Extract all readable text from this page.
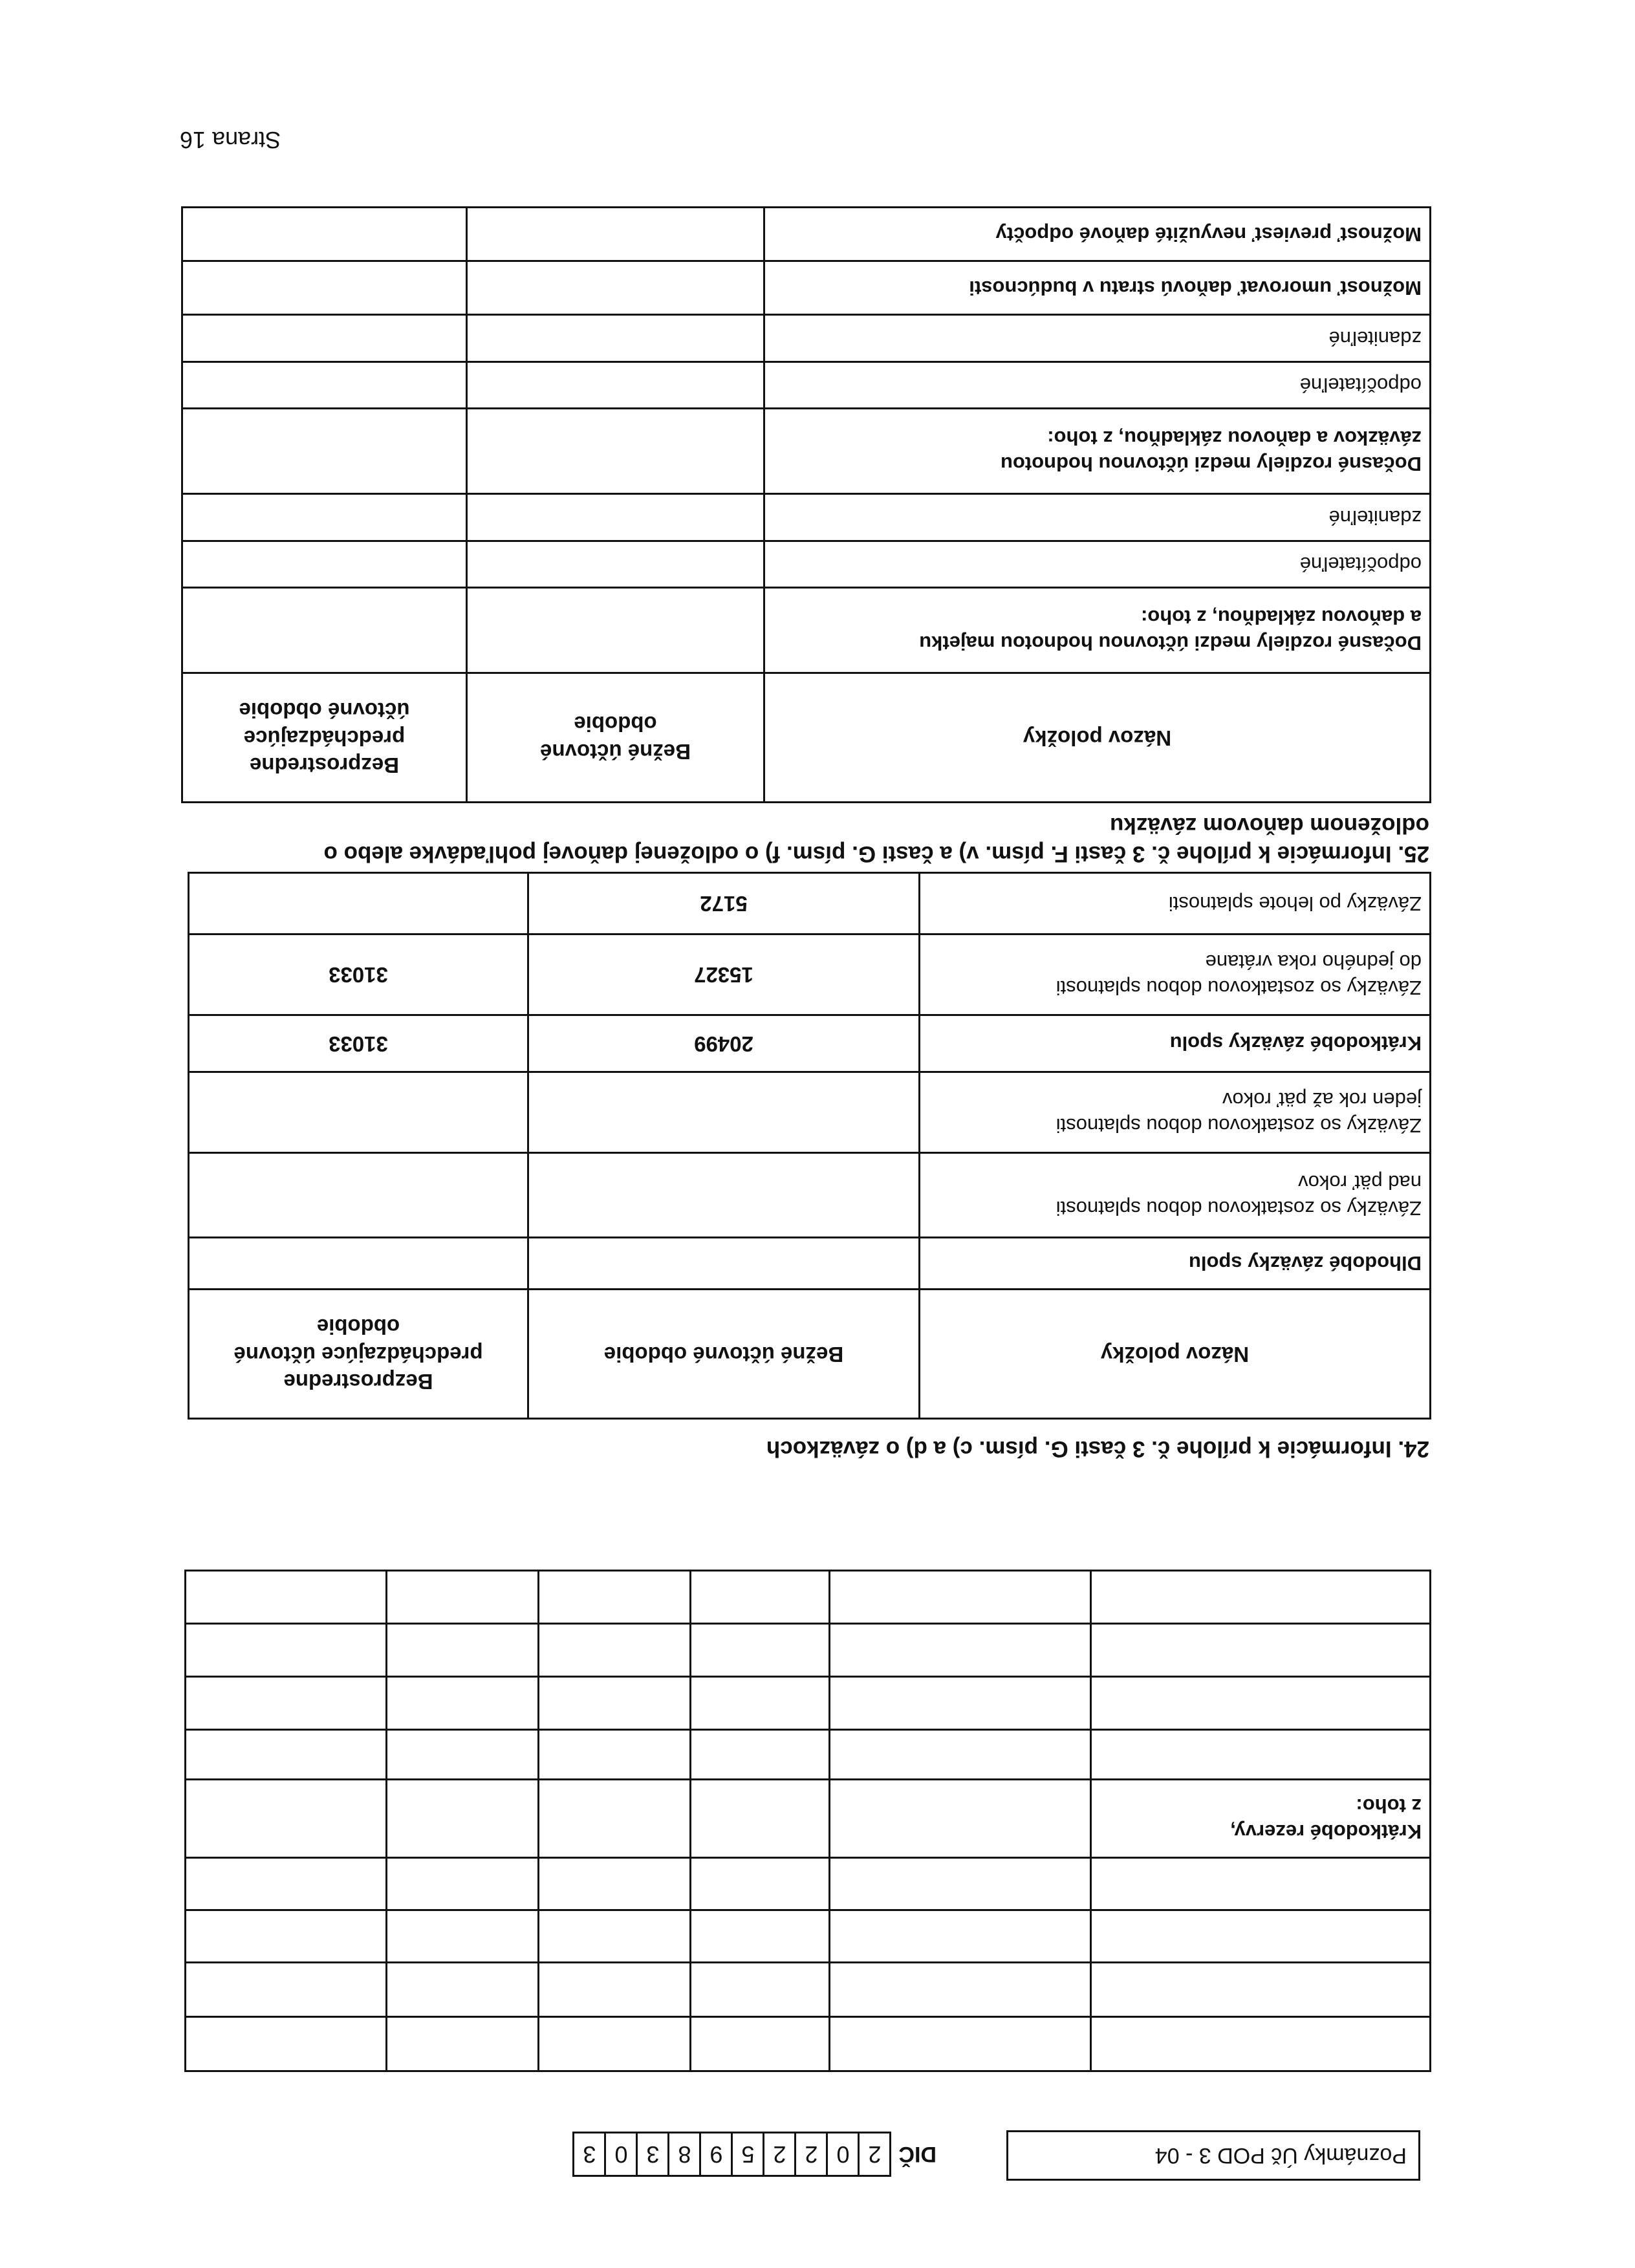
Poznámky Úč POD 3 - 04
DIČ
2
0
2
2
5
9
8
3
0
3

Krátkodobé rezervy,
z toho:					

24. Informácie k prílohe č. 3 časti G. písm. c) a d) o záväzkoch
Názov položky	Bežné účtovné obdobie	Bezprostredne
predchádzajúce účtovné
obdobie
Dlhodobé záväzky spolu		
Záväzky so zostatkovou dobou splatnosti
nad päť rokov		
Záväzky so zostatkovou dobou splatnosti
jeden rok až päť rokov		
Krátkodobé záväzky spolu	20499	31033
Záväzky so zostatkovou dobou splatnosti
do jedného roka vrátane	15327	31033
Záväzky po lehote splatnosti	5172	
25. Informácie k prílohe č. 3 časti F. písm. v) a časti G. písm. f) o odloženej daňovej pohľadávke alebo o
odloženom daňovom záväzku
Názov položky	Bežné účtovné
obdobie	Bezprostredne
predchádzajúce
účtovné obdobie
Dočasné rozdiely medzi účtovnou hodnotou majetku
a daňovou základňou, z toho:		
odpočítateľné		
zdaniteľné		
Dočasné rozdiely medzi účtovnou hodnotou
záväzkov a daňovou základňou, z toho:		
odpočítateľné		
zdaniteľné		
Možnosť umorovať daňovú stratu v budúcnosti		
Možnosť previesť nevyužité daňové odpočty		
Strana 16
